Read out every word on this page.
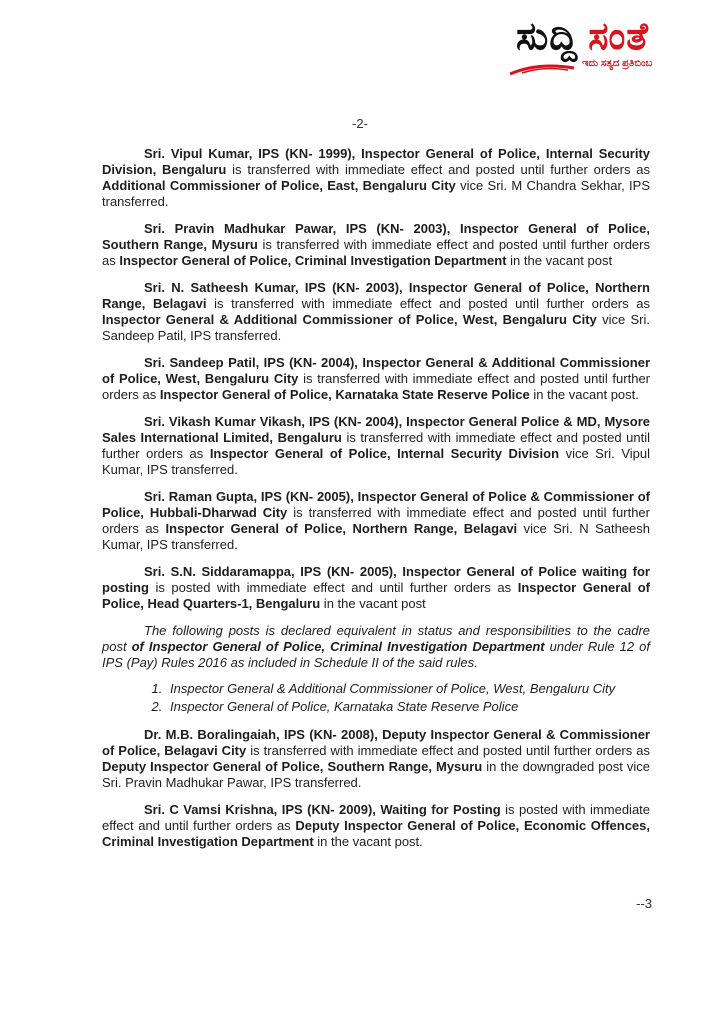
ಸುದ್ದಿ ಸಂತೆ
ಇದು ಸತ್ಯದ ಪ್ರತಿಬಿಂಬ
-2-

Sri. Vipul Kumar, IPS (KN- 1999), Inspector General of Police, Internal Security Division, Bengaluru is transferred with immediate effect and posted until further orders as Additional Commissioner of Police, East, Bengaluru City vice Sri. M Chandra Sekhar, IPS transferred.

Sri. Pravin Madhukar Pawar, IPS (KN- 2003), Inspector General of Police, Southern Range, Mysuru is transferred with immediate effect and posted until further orders as Inspector General of Police, Criminal Investigation Department in the vacant post

Sri. N. Satheesh Kumar, IPS (KN- 2003), Inspector General of Police, Northern Range, Belagavi is transferred with immediate effect and posted until further orders as Inspector General & Additional Commissioner of Police, West, Bengaluru City vice Sri. Sandeep Patil, IPS transferred.

Sri. Sandeep Patil, IPS (KN- 2004), Inspector General & Additional Commissioner of Police, West, Bengaluru City is transferred with immediate effect and posted until further orders as Inspector General of Police, Karnataka State Reserve Police in the vacant post.

Sri. Vikash Kumar Vikash, IPS (KN- 2004), Inspector General Police & MD, Mysore Sales International Limited, Bengaluru is transferred with immediate effect and posted until further orders as Inspector General of Police, Internal Security Division vice Sri. Vipul Kumar, IPS transferred.

Sri. Raman Gupta, IPS (KN- 2005), Inspector General of Police & Commissioner of Police, Hubbali-Dharwad City is transferred with immediate effect and posted until further orders as Inspector General of Police, Northern Range, Belagavi vice Sri. N Satheesh Kumar, IPS transferred.

Sri. S.N. Siddaramappa, IPS (KN- 2005), Inspector General of Police waiting for posting is posted with immediate effect and until further orders as Inspector General of Police, Head Quarters-1, Bengaluru in the vacant post

The following posts is declared equivalent in status and responsibilities to the cadre post of Inspector General of Police, Criminal Investigation Department under Rule 12 of IPS (Pay) Rules 2016 as included in Schedule II of the said rules.

1. Inspector General & Additional Commissioner of Police, West, Bengaluru City
2. Inspector General of Police, Karnataka State Reserve Police

Dr. M.B. Boralingaiah, IPS (KN- 2008), Deputy Inspector General & Commissioner of Police, Belagavi City is transferred with immediate effect and posted until further orders as Deputy Inspector General of Police, Southern Range, Mysuru in the downgraded post vice Sri. Pravin Madhukar Pawar, IPS transferred.

Sri. C Vamsi Krishna, IPS (KN- 2009), Waiting for Posting is posted with immediate effect and until further orders as Deputy Inspector General of Police, Economic Offences, Criminal Investigation Department in the vacant post.

--3
